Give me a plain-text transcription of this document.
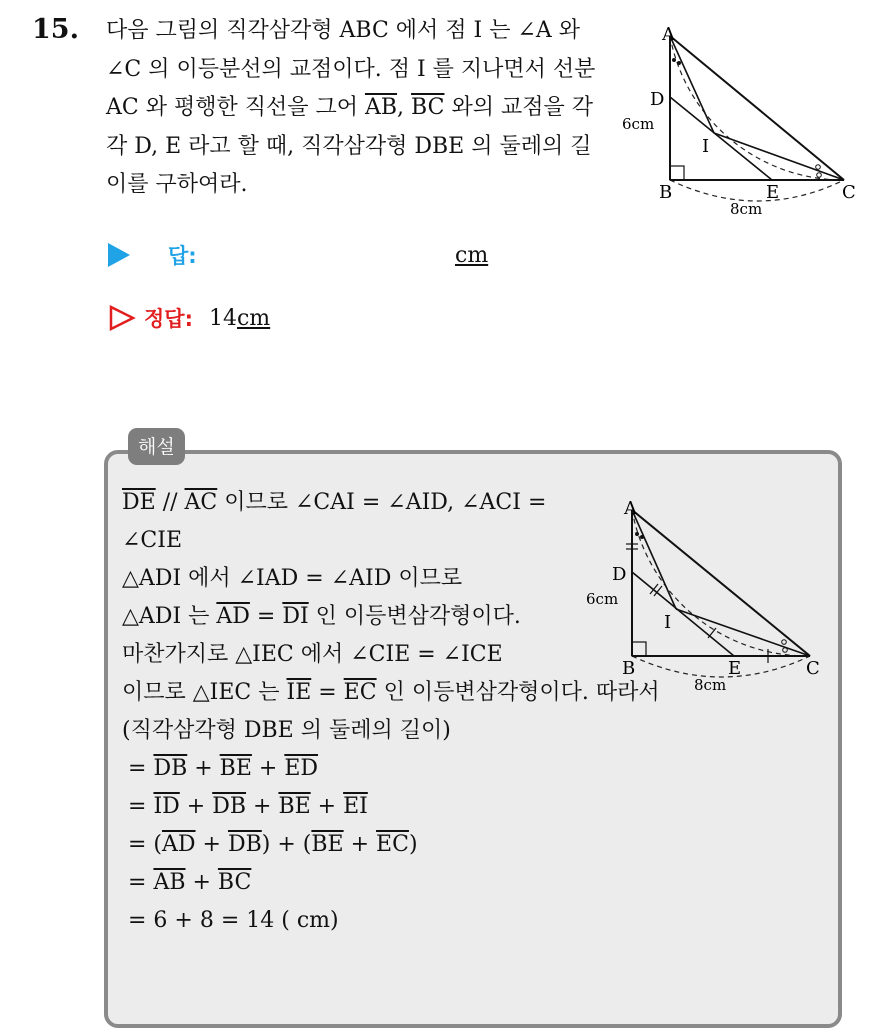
15. 다음 그림의 직각삼각형 ABC 에서 점 I 는 ∠A 와 ∠C 의 이등분선의 교점이다. 점 I 를 지나면서 선분 AC 와 평행한 직선을 그어 $\overline{AB}$, $\overline{BC}$ 와의 교점을 각각 D, E 라고 할 때, 직각삼각형 DBE 의 둘레의 길이를 구하여라.
A
B	C
D
E
I
6cm
8cm
답:	cm
정답: 14cm
해설
A
B	C
D
E
I
6cm
8cm
$\overline{DE} // \overline{AC}$ 이므로 ∠CAI = ∠AID, ∠ACI = ∠CIE
△ADI 에서 ∠IAD = ∠AID 이므로
△ADI 는 $\overline{AD} = \overline{DI}$ 인 이등변삼각형이다.
마찬가지로 △IEC 에서 ∠CIE = ∠ICE
이므로 △IEC 는 $\overline{IE} = \overline{EC}$ 인 이등변삼각형이다. 따라서
(직각삼각형 DBE 의 둘레의 길이)
= $\overline{DB} + \overline{BE} + \overline{ED}$
= $\overline{ID} + \overline{DB} + \overline{BE} + \overline{EI}$
= $(\overline{AD} + \overline{DB}) + (\overline{BE} + \overline{EC})$
= $\overline{AB} + \overline{BC}$
= 6 + 8 = 14 ( cm)
